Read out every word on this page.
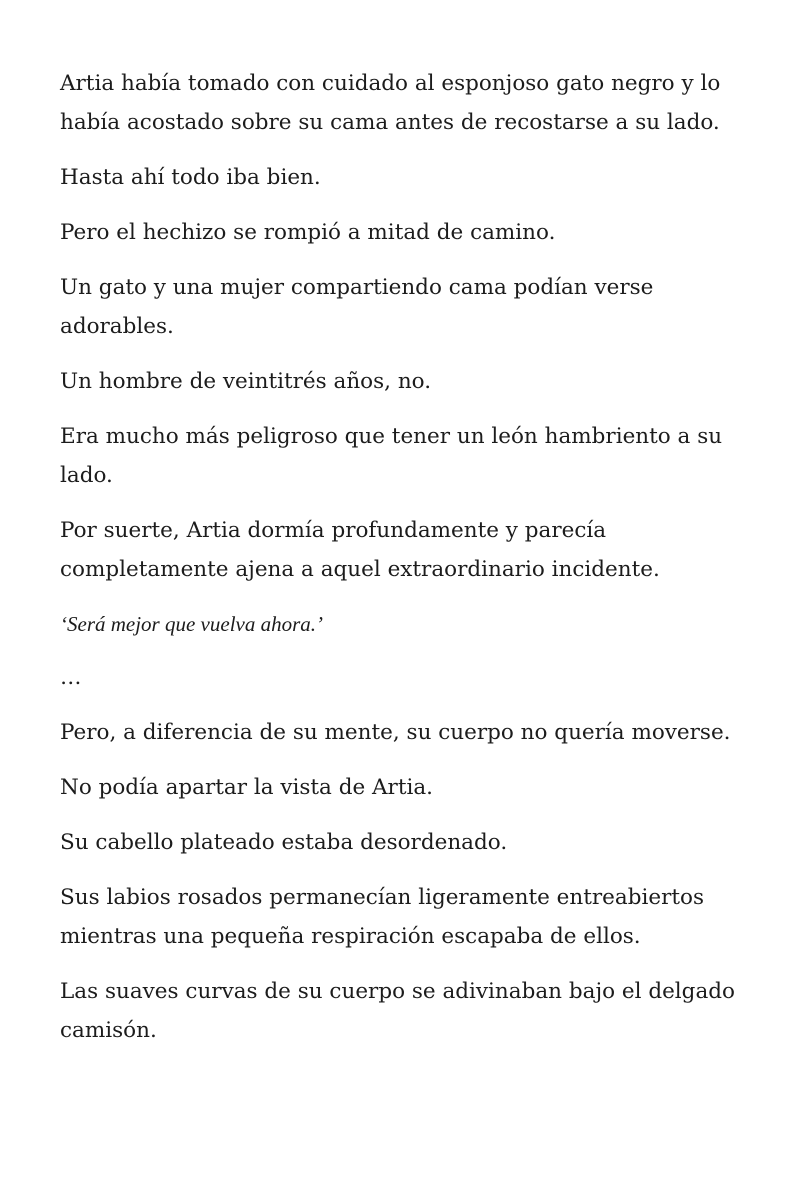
Artia había tomado con cuidado al esponjoso gato negro y lo había acostado sobre su cama antes de recostarse a su lado.

Hasta ahí todo iba bien.

Pero el hechizo se rompió a mitad de camino.

Un gato y una mujer compartiendo cama podían verse adorables.

Un hombre de veintitrés años, no.

Era mucho más peligroso que tener un león hambriento a su lado.

Por suerte, Artia dormía profundamente y parecía completamente ajena a aquel extraordinario incidente.

‘Será mejor que vuelva ahora.’

…

Pero, a diferencia de su mente, su cuerpo no quería moverse.

No podía apartar la vista de Artia.

Su cabello plateado estaba desordenado.

Sus labios rosados permanecían ligeramente entreabiertos mientras una pequeña respiración escapaba de ellos.

Las suaves curvas de su cuerpo se adivinaban bajo el delgado camisón.
